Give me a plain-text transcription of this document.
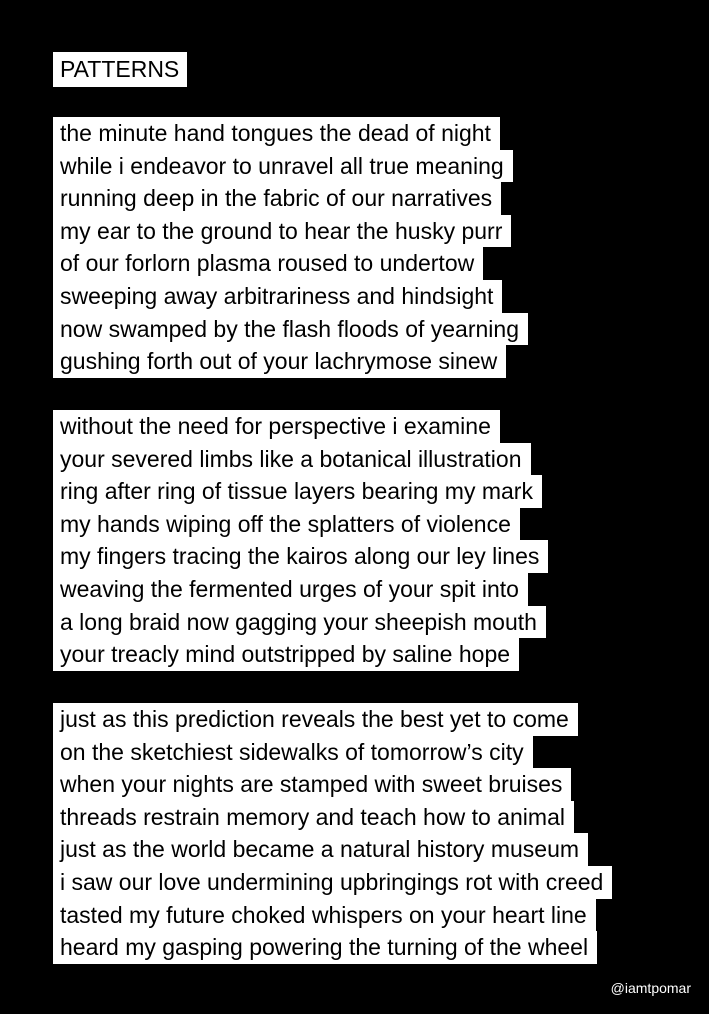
PATTERNS
the minute hand tongues the dead of night
while i endeavor to unravel all true meaning
running deep in the fabric of our narratives
my ear to the ground to hear the husky purr
of our forlorn plasma roused to undertow
sweeping away arbitrariness and hindsight
now swamped by the flash floods of yearning
gushing forth out of your lachrymose sinew
without the need for perspective i examine
your severed limbs like a botanical illustration
ring after ring of tissue layers bearing my mark
my hands wiping off the splatters of violence
my fingers tracing the kairos along our ley lines
weaving the fermented urges of your spit into
a long braid now gagging your sheepish mouth
your treacly mind outstripped by saline hope
just as this prediction reveals the best yet to come
on the sketchiest sidewalks of tomorrow’s city
when your nights are stamped with sweet bruises
threads restrain memory and teach how to animal
just as the world became a natural history museum
i saw our love undermining upbringings rot with creed
tasted my future choked whispers on your heart line
heard my gasping powering the turning of the wheel
@iamtpomar
